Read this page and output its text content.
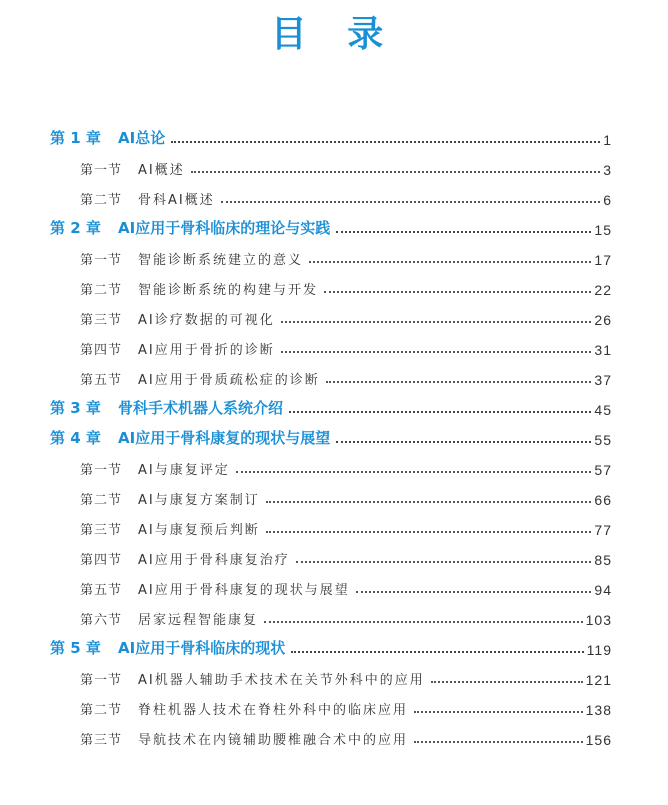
目 录
第 1 章	AI总论	1
第一节	AI概述	3
第二节	骨科AI概述	6
第 2 章	AI应用于骨科临床的理论与实践	15
第一节	智能诊断系统建立的意义	17
第二节	智能诊断系统的构建与开发	22
第三节	AI诊疗数据的可视化	26
第四节	AI应用于骨折的诊断	31
第五节	AI应用于骨质疏松症的诊断	37
第 3 章	骨科手术机器人系统介绍	45
第 4 章	AI应用于骨科康复的现状与展望	55
第一节	AI与康复评定	57
第二节	AI与康复方案制订	66
第三节	AI与康复预后判断	77
第四节	AI应用于骨科康复治疗	85
第五节	AI应用于骨科康复的现状与展望	94
第六节	居家远程智能康复	103
第 5 章	AI应用于骨科临床的现状	119
第一节	AI机器人辅助手术技术在关节外科中的应用	121
第二节	脊柱机器人技术在脊柱外科中的临床应用	138
第三节	导航技术在内镜辅助腰椎融合术中的应用	156
